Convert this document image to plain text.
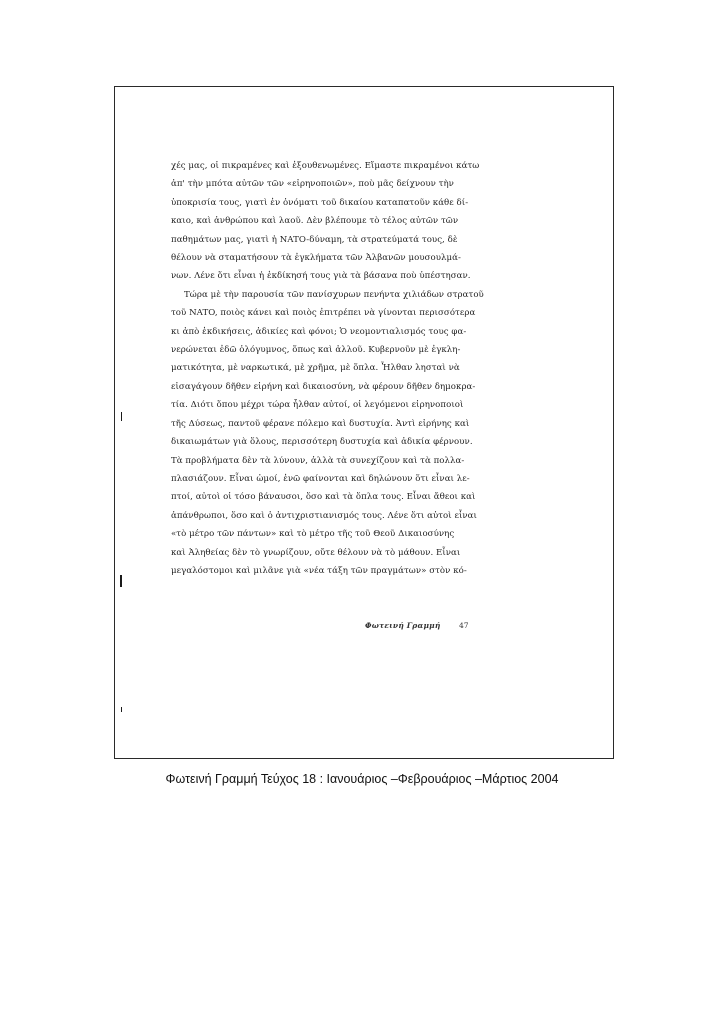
χές μας, οἱ πικραμένες καὶ ἐξουθενωμένες. Εἴμαστε πικραμένοι κάτω
ἀπ' τὴν μπότα αὐτῶν τῶν «εἰρηνοποιῶν», ποὺ μᾶς δείχνουν τὴν
ὑποκρισία τους, γιατὶ ἐν ὀνόματι τοῦ δικαίου καταπατοῦν κάθε δί-
καιο, καὶ ἀνθρώπου καὶ λαοῦ. Δὲν βλέπουμε τὸ τέλος αὐτῶν τῶν
παθημάτων μας, γιατὶ ἡ NATO-δύναμη, τὰ στρατεύματά τους, δὲ
θέλουν νὰ σταματήσουν τὰ ἐγκλήματα τῶν Ἀλβανῶν μουσουλμά-
νων. Λένε ὅτι εἶναι ἡ ἐκδίκησή τους γιὰ τὰ βάσανα ποὺ ὑπέστησαν.

Τώρα μὲ τὴν παρουσία τῶν πανίσχυρων πενήντα χιλιάδων στρατοῦ
τοῦ NATO, ποιὸς κάνει καὶ ποιὸς ἐπιτρέπει νὰ γίνονται περισσότερα
κι ἀπὸ ἐκδικήσεις, ἀδικίες καὶ φόνοι; Ὁ νεομοντιαλισμός τους φα-
νερώνεται ἐδῶ ὁλόγυμνος, ὅπως καὶ ἀλλοῦ. Κυβερνοῦν μὲ ἐγκλη-
ματικότητα, μὲ ναρκωτικά, μὲ χρῆμα, μὲ ὅπλα. Ἦλθαν λησταὶ νὰ
εἰσαγάγουν δῆθεν εἰρήνη καὶ δικαιοσύνη, νὰ φέρουν δῆθεν δημοκρα-
τία. Διότι ὅπου μέχρι τώρα ἦλθαν αὐτοί, οἱ λεγόμενοι εἰρηνοποιοὶ
τῆς Δύσεως, παντοῦ φέρανε πόλεμο καὶ δυστυχία. Ἀντὶ εἰρήνης καὶ
δικαιωμάτων γιὰ ὅλους, περισσότερη δυστυχία καὶ ἀδικία φέρνουν.
Τὰ προβλήματα δὲν τὰ λύνουν, ἀλλὰ τὰ συνεχίζουν καὶ τὰ πολλα-
πλασιάζουν. Εἶναι ὠμοί, ἐνῶ φαίνονται καὶ δηλώνουν ὅτι εἶναι λε-
πτοί, αὐτοὶ οἱ τόσο βάναυσοι, ὅσο καὶ τὰ ὅπλα τους. Εἶναι ἄθεοι καὶ
ἀπάνθρωποι, ὅσο καὶ ὁ ἀντιχριστιανισμός τους. Λένε ὅτι αὐτοὶ εἶναι
«τὸ μέτρο τῶν πάντων» καὶ τὸ μέτρο τῆς τοῦ Θεοῦ Δικαιοσύνης
καὶ Ἀληθείας δὲν τὸ γνωρίζουν, οὔτε θέλουν νὰ τὸ μάθουν. Εἶναι
μεγαλόστομοι καὶ μιλᾶνε γιὰ «νέα τάξη τῶν πραγμάτων» στὸν κό-

Φωτεινή Γραμμή 47
Φωτεινή Γραμμή Τεύχος 18 : Ιανουάριος –Φεβρουάριος –Μάρτιος 2004
